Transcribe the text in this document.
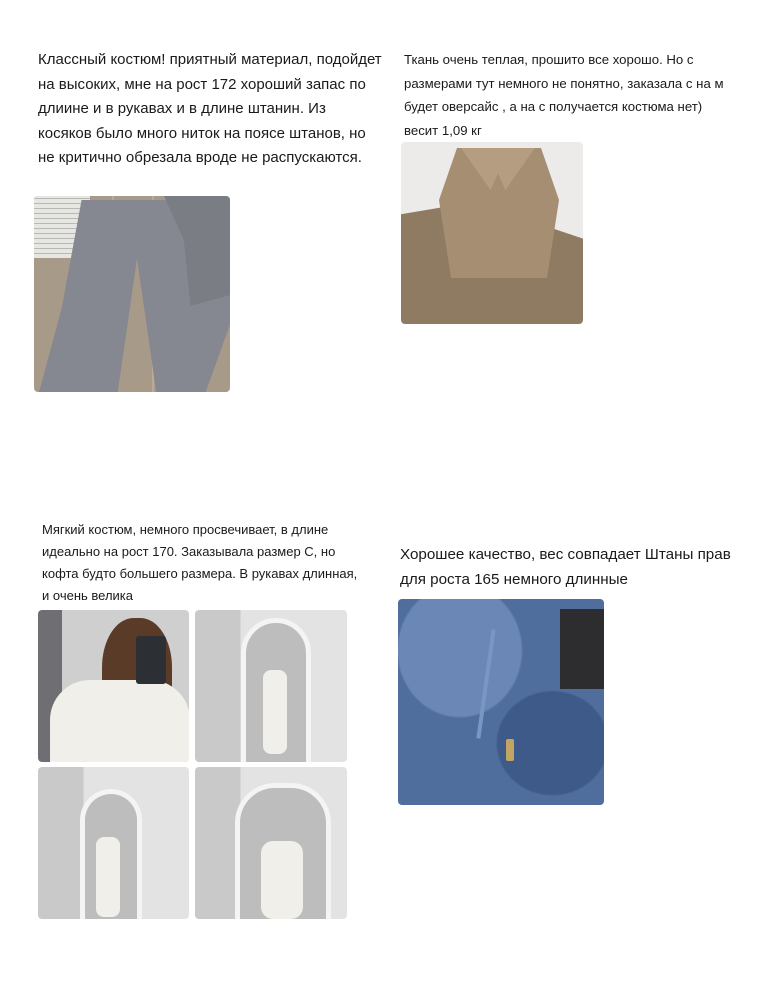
Классный костюм! приятный материал, подойдет на высоких, мне на рост 172 хороший запас по длиине и в рукавах и в длине штанин. Из косяков было много ниток на поясе штанов, но не критично обрезала вроде не распускаются.

Ткань очень теплая, прошито все хорошо. Но с размерами тут немного не понятно, заказала с на м будет оверсайс , а на с получается костюма нет) весит 1,09 кг

Мягкий костюм, немного просвечивает, в длине идеально на рост 170. Заказывала размер С, но кофта будто большего размера. В рукавах длинная, и очень велика

Хорошее качество, вес совпадает Штаны прав для роста 165 немного длинные
